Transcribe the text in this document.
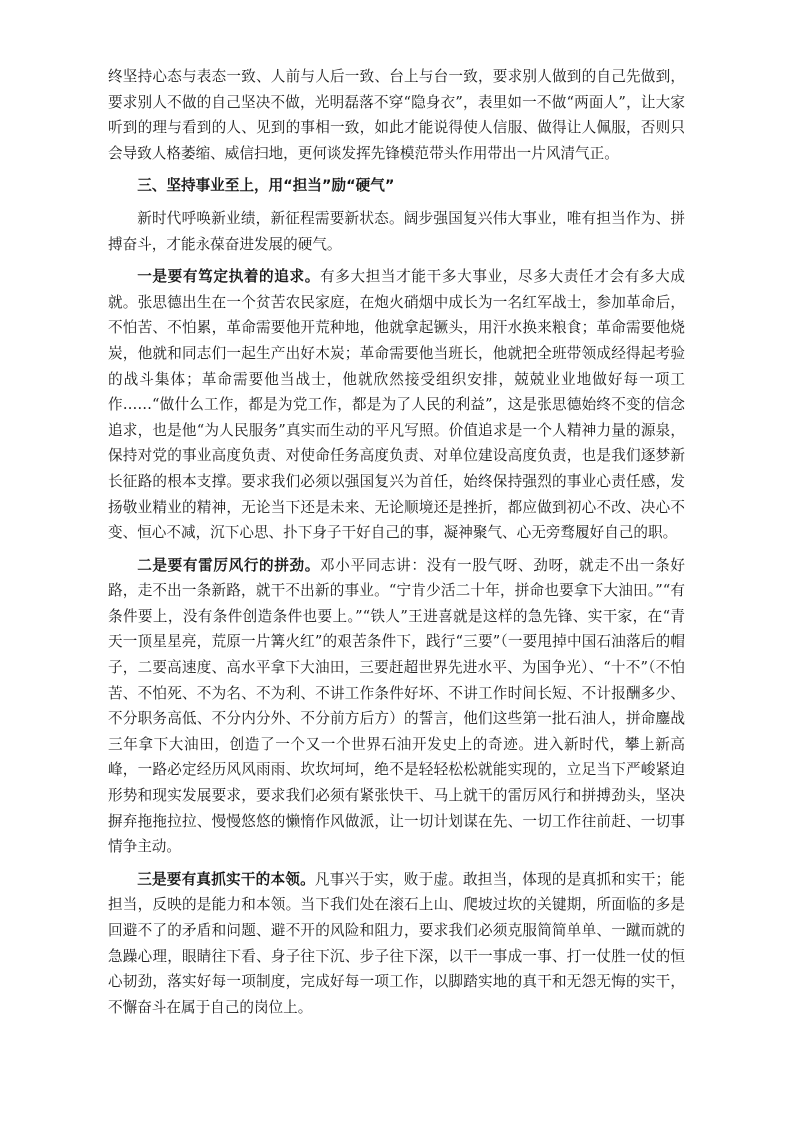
终坚持心态与表态一致、人前与人后一致、台上与台一致，要求别人做到的自己先做到，要求别人不做的自己坚决不做，光明磊落不穿“隐身衣”，表里如一不做“两面人”，让大家听到的理与看到的人、见到的事相一致，如此才能说得使人信服、做得让人佩服，否则只会导致人格萎缩、威信扫地，更何谈发挥先锋模范带头作用带出一片风清气正。

三、坚持事业至上，用“担当”励“硬气”

新时代呼唤新业绩，新征程需要新状态。阔步强国复兴伟大事业，唯有担当作为、拼搏奋斗，才能永葆奋进发展的硬气。

一是要有笃定执着的追求。有多大担当才能干多大事业，尽多大责任才会有多大成就。张思德出生在一个贫苦农民家庭，在炮火硝烟中成长为一名红军战士，参加革命后，不怕苦、不怕累，革命需要他开荒种地，他就拿起镢头，用汗水换来粮食；革命需要他烧炭，他就和同志们一起生产出好木炭；革命需要他当班长，他就把全班带领成经得起考验的战斗集体；革命需要他当战士，他就欣然接受组织安排，兢兢业业地做好每一项工作……“做什么工作，都是为党工作，都是为了人民的利益”，这是张思德始终不变的信念追求，也是他“为人民服务”真实而生动的平凡写照。价值追求是一个人精神力量的源泉，保持对党的事业高度负责、对使命任务高度负责、对单位建设高度负责，也是我们逐梦新长征路的根本支撑。要求我们必须以强国复兴为首任，始终保持强烈的事业心责任感，发扬敬业精业的精神，无论当下还是未来、无论顺境还是挫折，都应做到初心不改、决心不变、恒心不减，沉下心思、扑下身子干好自己的事，凝神聚气、心无旁骛履好自己的职。

二是要有雷厉风行的拼劲。邓小平同志讲：没有一股气呀、劲呀，就走不出一条好路，走不出一条新路，就干不出新的事业。“宁肯少活二十年，拼命也要拿下大油田。”“有条件要上，没有条件创造条件也要上。”“铁人”王进喜就是这样的急先锋、实干家，在“青天一顶星星亮，荒原一片篝火红”的艰苦条件下，践行“三要”（一要甩掉中国石油落后的帽子，二要高速度、高水平拿下大油田，三要赶超世界先进水平、为国争光）、“十不”（不怕苦、不怕死、不为名、不为利、不讲工作条件好坏、不讲工作时间长短、不计报酬多少、不分职务高低、不分内分外、不分前方后方）的誓言，他们这些第一批石油人，拼命鏖战三年拿下大油田，创造了一个又一个世界石油开发史上的奇迹。进入新时代，攀上新高峰，一路必定经历风风雨雨、坎坎坷坷，绝不是轻轻松松就能实现的，立足当下严峻紧迫形势和现实发展要求，要求我们必须有紧张快干、马上就干的雷厉风行和拼搏劲头，坚决摒弃拖拖拉拉、慢慢悠悠的懒惰作风做派，让一切计划谋在先、一切工作往前赶、一切事情争主动。

三是要有真抓实干的本领。凡事兴于实，败于虚。敢担当，体现的是真抓和实干；能担当，反映的是能力和本领。当下我们处在滚石上山、爬坡过坎的关键期，所面临的多是回避不了的矛盾和问题、避不开的风险和阻力，要求我们必须克服简简单单、一蹴而就的急躁心理，眼睛往下看、身子往下沉、步子往下深，以干一事成一事、打一仗胜一仗的恒心韧劲，落实好每一项制度，完成好每一项工作，以脚踏实地的真干和无怨无悔的实干，不懈奋斗在属于自己的岗位上。
